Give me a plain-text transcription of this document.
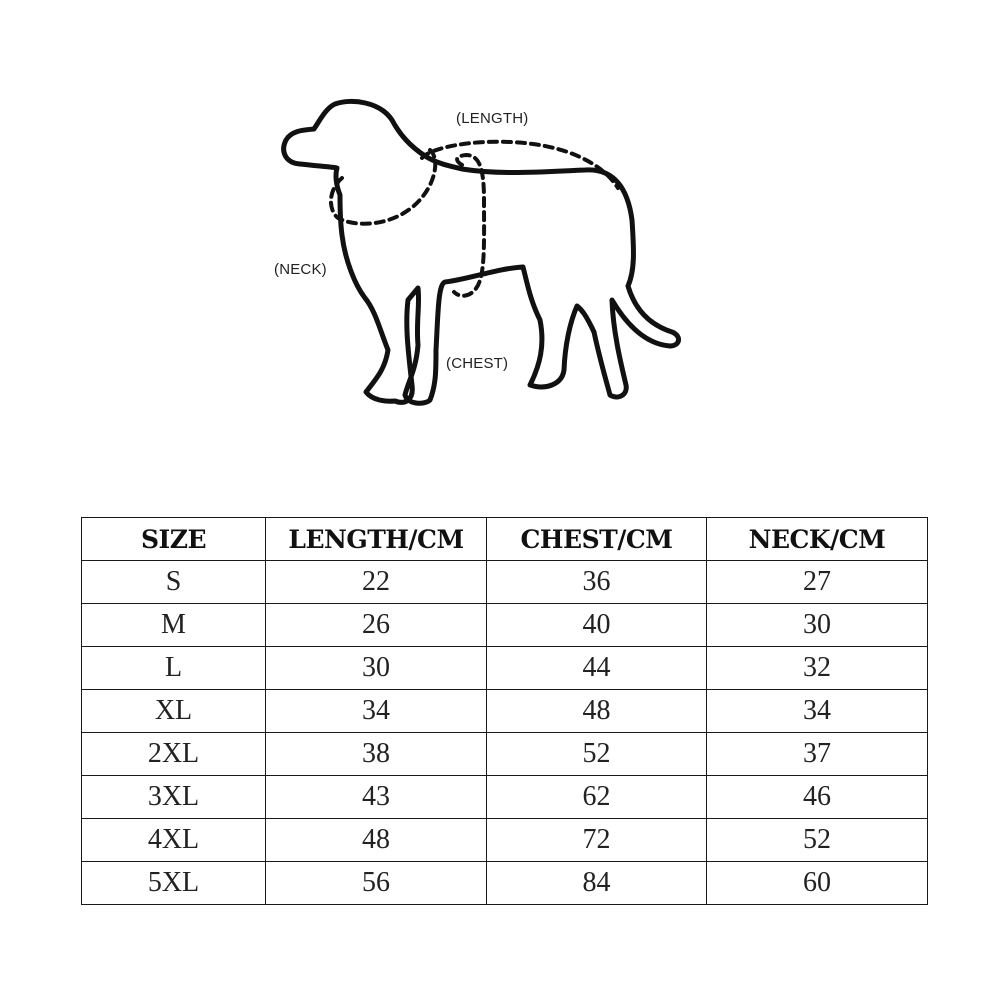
(LENGTH)
(NECK)
(CHEST)
SIZE	LENGTH/CM	CHEST/CM	NECK/CM
S	22	36	27
M	26	40	30
L	30	44	32
XL	34	48	34
2XL	38	52	37
3XL	43	62	46
4XL	48	72	52
5XL	56	84	60
